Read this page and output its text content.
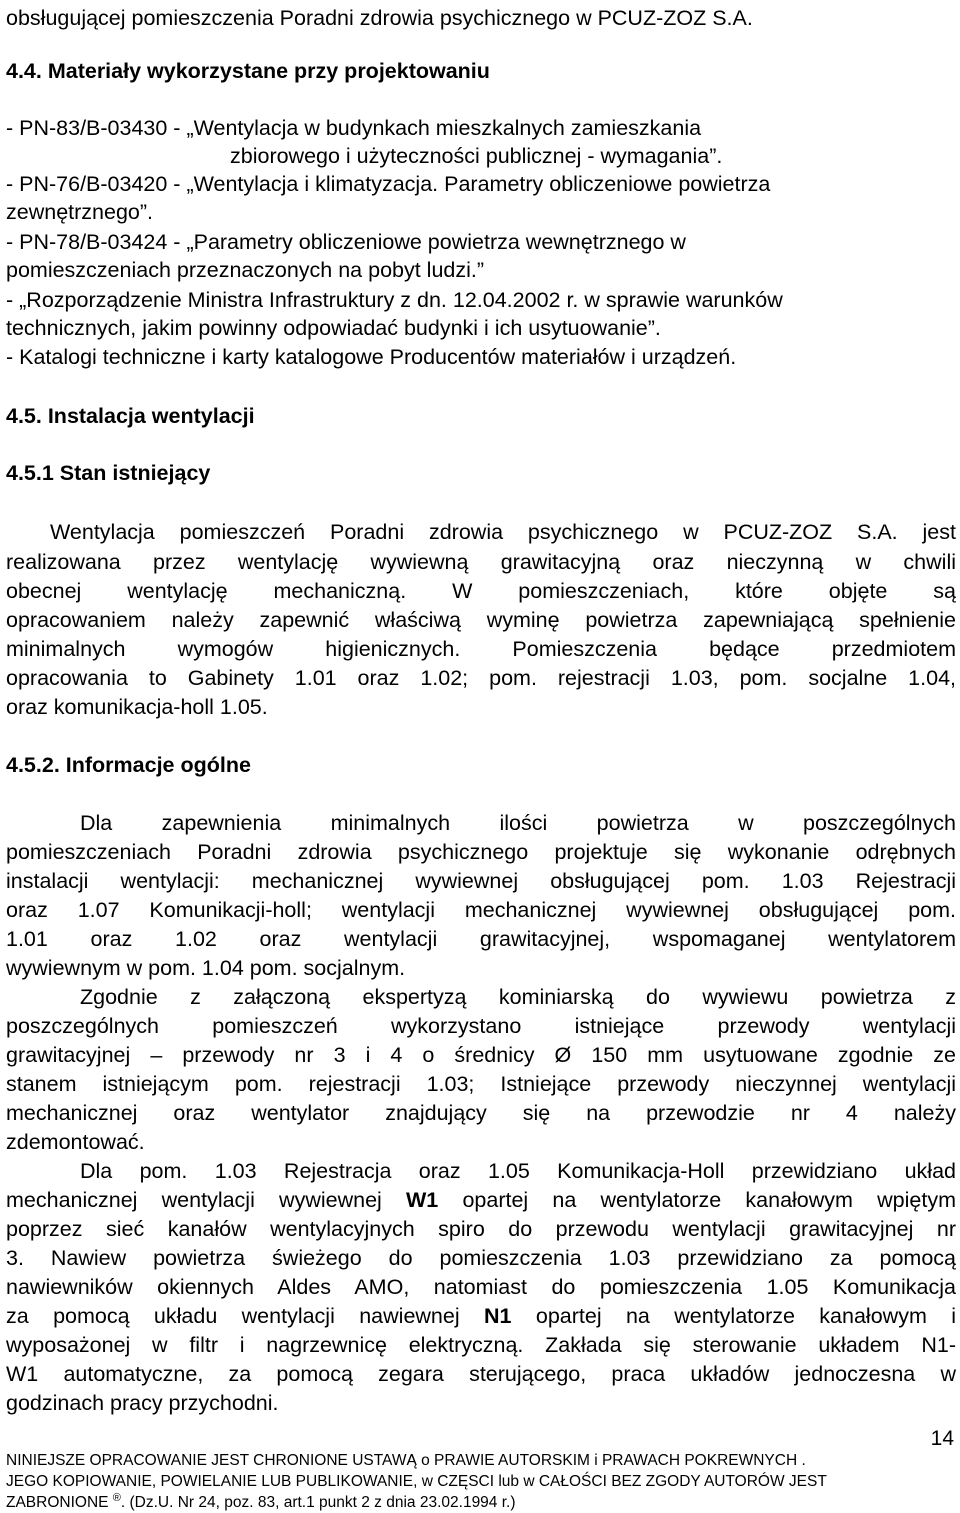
obsługującej pomieszczenia Poradni zdrowia psychicznego w PCUZ-ZOZ S.A.
4.4. Materiały wykorzystane przy projektowaniu
- PN-83/B-03430 - „Wentylacja w budynkach mieszkalnych zamieszkania
zbiorowego i użyteczności publicznej - wymagania”.
- PN-76/B-03420 - „Wentylacja i klimatyzacja. Parametry obliczeniowe powietrza
zewnętrznego”.
- PN-78/B-03424 - „Parametry obliczeniowe powietrza wewnętrznego w
pomieszczeniach przeznaczonych na pobyt ludzi.”
- „Rozporządzenie Ministra Infrastruktury z dn. 12.04.2002 r. w sprawie warunków
technicznych, jakim powinny odpowiadać budynki i ich usytuowanie”.
- Katalogi techniczne i karty katalogowe Producentów materiałów i urządzeń.
4.5. Instalacja wentylacji
4.5.1 Stan istniejący
Wentylacja pomieszczeń Poradni zdrowia psychicznego w PCUZ-ZOZ S.A. jest
realizowana przez wentylację wywiewną grawitacyjną oraz nieczynną w chwili
obecnej wentylację mechaniczną. W pomieszczeniach, które objęte są
opracowaniem należy zapewnić właściwą wyminę powietrza zapewniającą spełnienie
minimalnych wymogów higienicznych. Pomieszczenia będące przedmiotem
opracowania to Gabinety 1.01 oraz 1.02; pom. rejestracji 1.03, pom. socjalne 1.04,
oraz komunikacja-holl 1.05.
4.5.2. Informacje ogólne
Dla zapewnienia minimalnych ilości powietrza w poszczególnych
pomieszczeniach Poradni zdrowia psychicznego projektuje się wykonanie odrębnych
instalacji wentylacji: mechanicznej wywiewnej obsługującej pom. 1.03 Rejestracji
oraz 1.07 Komunikacji-holl; wentylacji mechanicznej wywiewnej obsługującej pom.
1.01 oraz 1.02 oraz wentylacji grawitacyjnej, wspomaganej wentylatorem
wywiewnym w pom. 1.04 pom. socjalnym.
Zgodnie z załączoną ekspertyzą kominiarską do wywiewu powietrza z
poszczególnych pomieszczeń wykorzystano istniejące przewody wentylacji
grawitacyjnej – przewody nr 3 i 4 o średnicy Ø 150 mm usytuowane zgodnie ze
stanem istniejącym pom. rejestracji 1.03; Istniejące przewody nieczynnej wentylacji
mechanicznej oraz wentylator znajdujący się na przewodzie nr 4 należy
zdemontować.
Dla pom. 1.03 Rejestracja oraz 1.05 Komunikacja-Holl przewidziano układ
mechanicznej wentylacji wywiewnej W1 opartej na wentylatorze kanałowym wpiętym
poprzez sieć kanałów wentylacyjnych spiro do przewodu wentylacji grawitacyjnej nr
3. Nawiew powietrza świeżego do pomieszczenia 1.03 przewidziano za pomocą
nawiewników okiennych Aldes AMO, natomiast do pomieszczenia 1.05 Komunikacja
za pomocą układu wentylacji nawiewnej N1 opartej na wentylatorze kanałowym i
wyposażonej w filtr i nagrzewnicę elektryczną. Zakłada się sterowanie układem N1-
W1 automatyczne, za pomocą zegara sterującego, praca układów jednoczesna w
godzinach pracy przychodni.
NINIEJSZE OPRACOWANIE JEST CHRONIONE USTAWĄ o PRAWIE AUTORSKIM i PRAWACH POKREWNYCH .
JEGO KOPIOWANIE, POWIELANIE LUB PUBLIKOWANIE, w CZĘSCI lub w CAŁOŚCI BEZ ZGODY AUTORÓW JEST
ZABRONIONE ®. (Dz.U. Nr 24, poz. 83, art.1 punkt 2 z dnia 23.02.1994 r.)
14
